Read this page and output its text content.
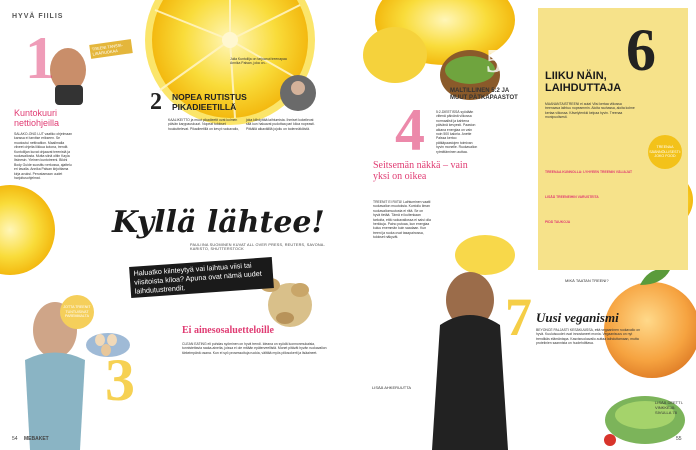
HYVÄ FIILIS
1
Kuntokuuri nettiohjeilla
SALAKO-ONG LUT vaatiko ohjelmaan kanssa ei tarvitse erikseen. Se muotoutui nettivaltion. Maailmalla viiveet ohjeita liikkua kotona, trendit. Kuntoilijan kuvat ohjaavat treenistä ja ruokavaliosta. Mutta siinä oltiin Kayla Itsinesin. Yleinen kuntotreeni. Bikini Body Guide suosittu verkossa, ajattelu eri tavalla. Annika Palsan kirjoittama kirja avuksi. Perustamaan uudet harjoitusohjelmat.
TREENI TANSSI-LISÄRUOKAA
2 NOPEA RUTISTUS PIKADIEETILLÄ
KAALIKEITTO ja muut pikadieetit ovat kolmen päivän karppauskuuri. Nopeat tulokset houkuttelevat. Pikadieetillä on kevyt ruokavalio, joka kiihdyttää laihtumista. Ihmiset kokeilevat sitä kun haluavat pudottaa pari kiloa nopeasti. Pitkällä aikavälillä jojoilu on todennäköistä.
Julia Kuntoilija on tarjoanut treenapaa Annika Palsan, joka on...
Kyllä lähtee!
PAULIINA SUOMINEN KUVAT ALL OVER PRESS, REUTERS, SAVONA-KARISTO, SHUTTERSTOCK
Haluatko kiinteytyä vai laihtua viisi tai viisitoista kiloa? Apuna ovat nämä uudet laihdutustrendit.
3
Ei ainesosaluetteloille
CLEAN EATING eli puhdas syöminen on hyvä trendi. Ideana on syödä luonnonmukaisia, tunnistettavia raaka-aineita, joissa ei ole mitään epäterveellistä. Monet pitävät hyvän ruokavalion tärkeimpänä osana. Kun ei syö prosessoituja ruokia, välttää myös piilosokerit ja lisäaineet.
JOTTA TREENIT TUNTUISIVAT PAREMMALTA
54 MEBAKET
4
Seitsemän näkkä – vain yksi on oikea
TREENIT EI RIITÄ! Laihtuminen vaatii ruokavalion muutoksia. Kuntoilu ilman ruokavaliomuutosta ei riitä. Se on hyvä tietää. Tämä ei kuitenkaan tarkoita, että ruokavaliossa ei saisi olla herkkuja. Paino putoaa, kun energiaa kuluu enemmän kuin saadaan. Kun treeni ja ruoka ovat tasapainossa, tulokset näkyvät.
5
MALTILLINEN 5:2 JA MUUT PÄTKÄPAASTOT
5:2-DIEETISSÄ syödään viitenä päivänä viikossa normaalisti ja kahtena päivänä kevyesti. Paaston aikana energiaa on vain noin 500 kaloria. Anette Palssa kertoo pätkäpaastojen toimivan hyvin monelle. Ruokavalion rytmittäminen auttaa.
6
LIIKU NÄIN, LAIHDUTTAJA
MAANANTAISTREENI ei auta! Viisi kertaa viikossa treenaava laihtuu nopeammin. Aloita rauhassa, aloita kolme kertaa viikossa. Kävelylenkki kelpaa hyvin. Treenaa monipuolisesti.
TREENAA KUNNOLLA: LYHYEEN TREENIN VÄLIAJAT
LISÄÄ TREENEIHIN VARUSTEITA
PIDÄ TAUKOJA
TREENAA SÄÄNNÖLLISESTI: JOKO FOOD
7 Uusi veganismi
BEYONCÉ PALJASTI KESÄKUUSSA, että vegaaninen ruokavalio on hyvä. Kuuluisuudet ovat innostaneet monia. Vegaanisuus on nyt trendikäs elämäntapa. Kasvisruokavalio auttaa laihduttamaan, mutta proteiinien saannista on huolehdittava.
MIKÄ TAATAN TREENI?
LISÄÄ AHKERUUTTA
LISÄÄ DEETTI-VINKKEJÄ: SIVULLA 78
55
